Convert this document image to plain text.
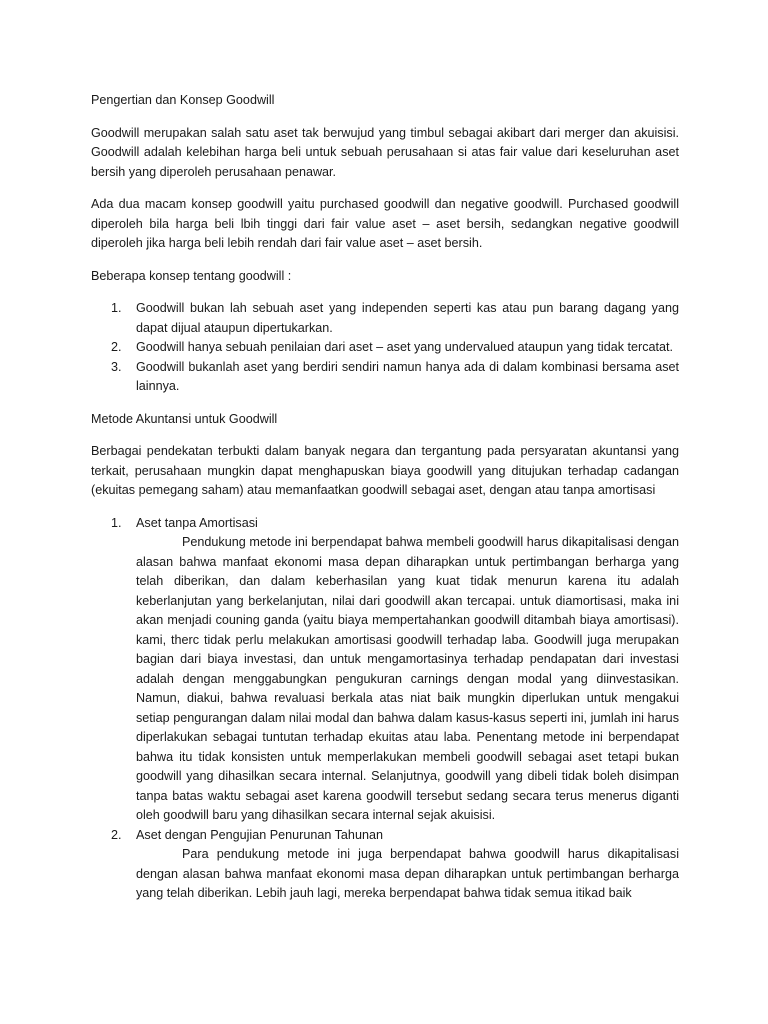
Pengertian dan Konsep Goodwill

Goodwill merupakan salah satu aset tak berwujud yang timbul sebagai akibart dari merger dan akuisisi. Goodwill adalah kelebihan harga beli untuk sebuah perusahaan si atas fair value dari keseluruhan aset bersih yang diperoleh perusahaan penawar.

Ada dua macam konsep goodwill yaitu purchased goodwill dan negative goodwill. Purchased goodwill diperoleh bila harga beli lbih tinggi dari fair value aset – aset bersih, sedangkan negative goodwill diperoleh jika harga beli lebih rendah dari fair value aset – aset bersih.

Beberapa konsep tentang goodwill :

1. Goodwill bukan lah sebuah aset yang independen seperti kas atau pun barang dagang yang dapat dijual ataupun dipertukarkan.
2. Goodwill hanya sebuah penilaian dari aset – aset yang undervalued ataupun yang tidak tercatat.
3. Goodwill bukanlah aset yang berdiri sendiri namun hanya ada di dalam kombinasi bersama aset lainnya.
Metode Akuntansi untuk Goodwill

Berbagai pendekatan terbukti dalam banyak negara dan tergantung pada persyaratan akuntansi yang terkait, perusahaan mungkin dapat menghapuskan biaya goodwill yang ditujukan terhadap cadangan (ekuitas pemegang saham) atau memanfaatkan goodwill sebagai aset, dengan atau tanpa amortisasi

1. Aset tanpa Amortisasi

Pendukung metode ini berpendapat bahwa membeli goodwill harus dikapitalisasi dengan alasan bahwa manfaat ekonomi masa depan diharapkan untuk pertimbangan berharga yang telah diberikan, dan dalam keberhasilan yang kuat tidak menurun karena itu adalah keberlanjutan yang berkelanjutan, nilai dari goodwill akan tercapai. untuk diamortisasi, maka ini akan menjadi couning ganda (yaitu biaya mempertahankan goodwill ditambah biaya amortisasi). kami, therc tidak perlu melakukan amortisasi goodwill terhadap laba. Goodwill juga merupakan bagian dari biaya investasi, dan untuk mengamortasinya terhadap pendapatan dari investasi adalah dengan menggabungkan pengukuran carnings dengan modal yang diinvestasikan. Namun, diakui, bahwa revaluasi berkala atas niat baik mungkin diperlukan untuk mengakui setiap pengurangan dalam nilai modal dan bahwa dalam kasus-kasus seperti ini, jumlah ini harus diperlakukan sebagai tuntutan terhadap ekuitas atau laba. Penentang metode ini berpendapat bahwa itu tidak konsisten untuk memperlakukan membeli goodwill sebagai aset tetapi bukan goodwill yang dihasilkan secara internal. Selanjutnya, goodwill yang dibeli tidak boleh disimpan tanpa batas waktu sebagai aset karena goodwill tersebut sedang secara terus menerus diganti oleh goodwill baru yang dihasilkan secara internal sejak akuisisi.

2. Aset dengan Pengujian Penurunan Tahunan

Para pendukung metode ini juga berpendapat bahwa goodwill harus dikapitalisasi dengan alasan bahwa manfaat ekonomi masa depan diharapkan untuk pertimbangan berharga yang telah diberikan. Lebih jauh lagi, mereka berpendapat bahwa tidak semua itikad baik
